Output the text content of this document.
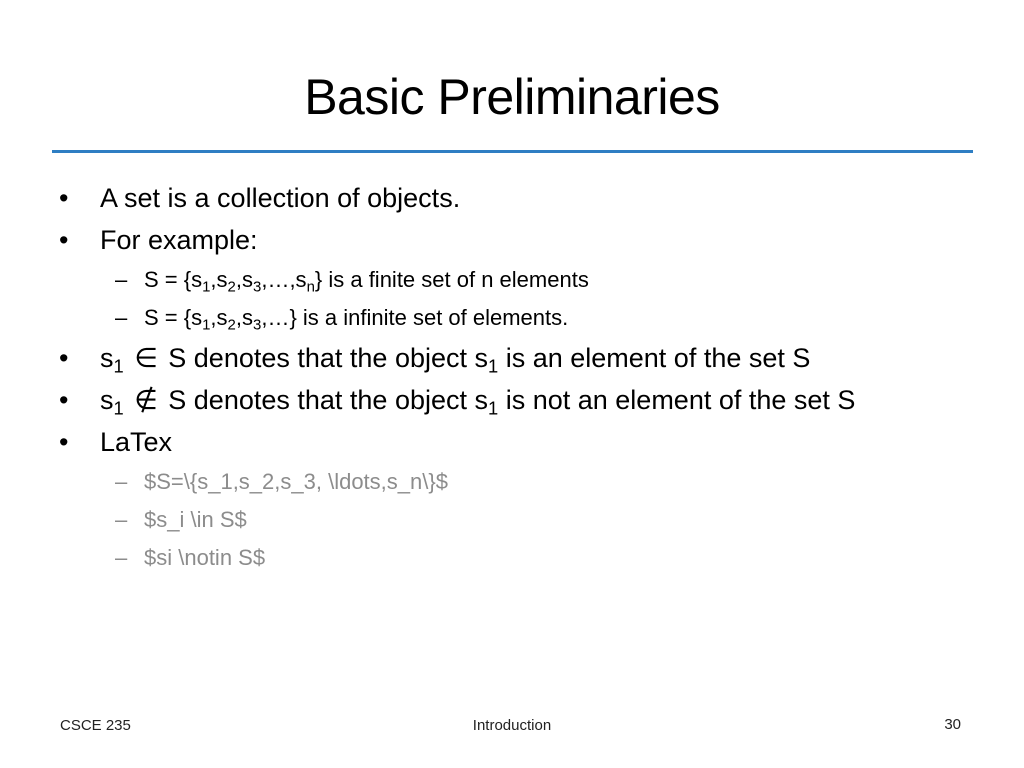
Basic Preliminaries
•	A set is a collection of objects.
•	For example:
– $S = \{s_1,s_2,s_3,\dots,s_n\}$ is a finite set of n elements
– $S = \{s_1,s_2,s_3,\dots\}$ is a infinite set of elements.
•	$s_1$ ∈ S denotes that the object $s_1$ is an element of the set S
•	$s_1$ ∉ S denotes that the object $s_1$ is not an element of the set S
•	LaTex
– $S=\{s_1,s_2,s_3, \ldots,s_n\}$
– $s_i \in S$
– $si \notin S$
CSCE 235	Introduction	30
